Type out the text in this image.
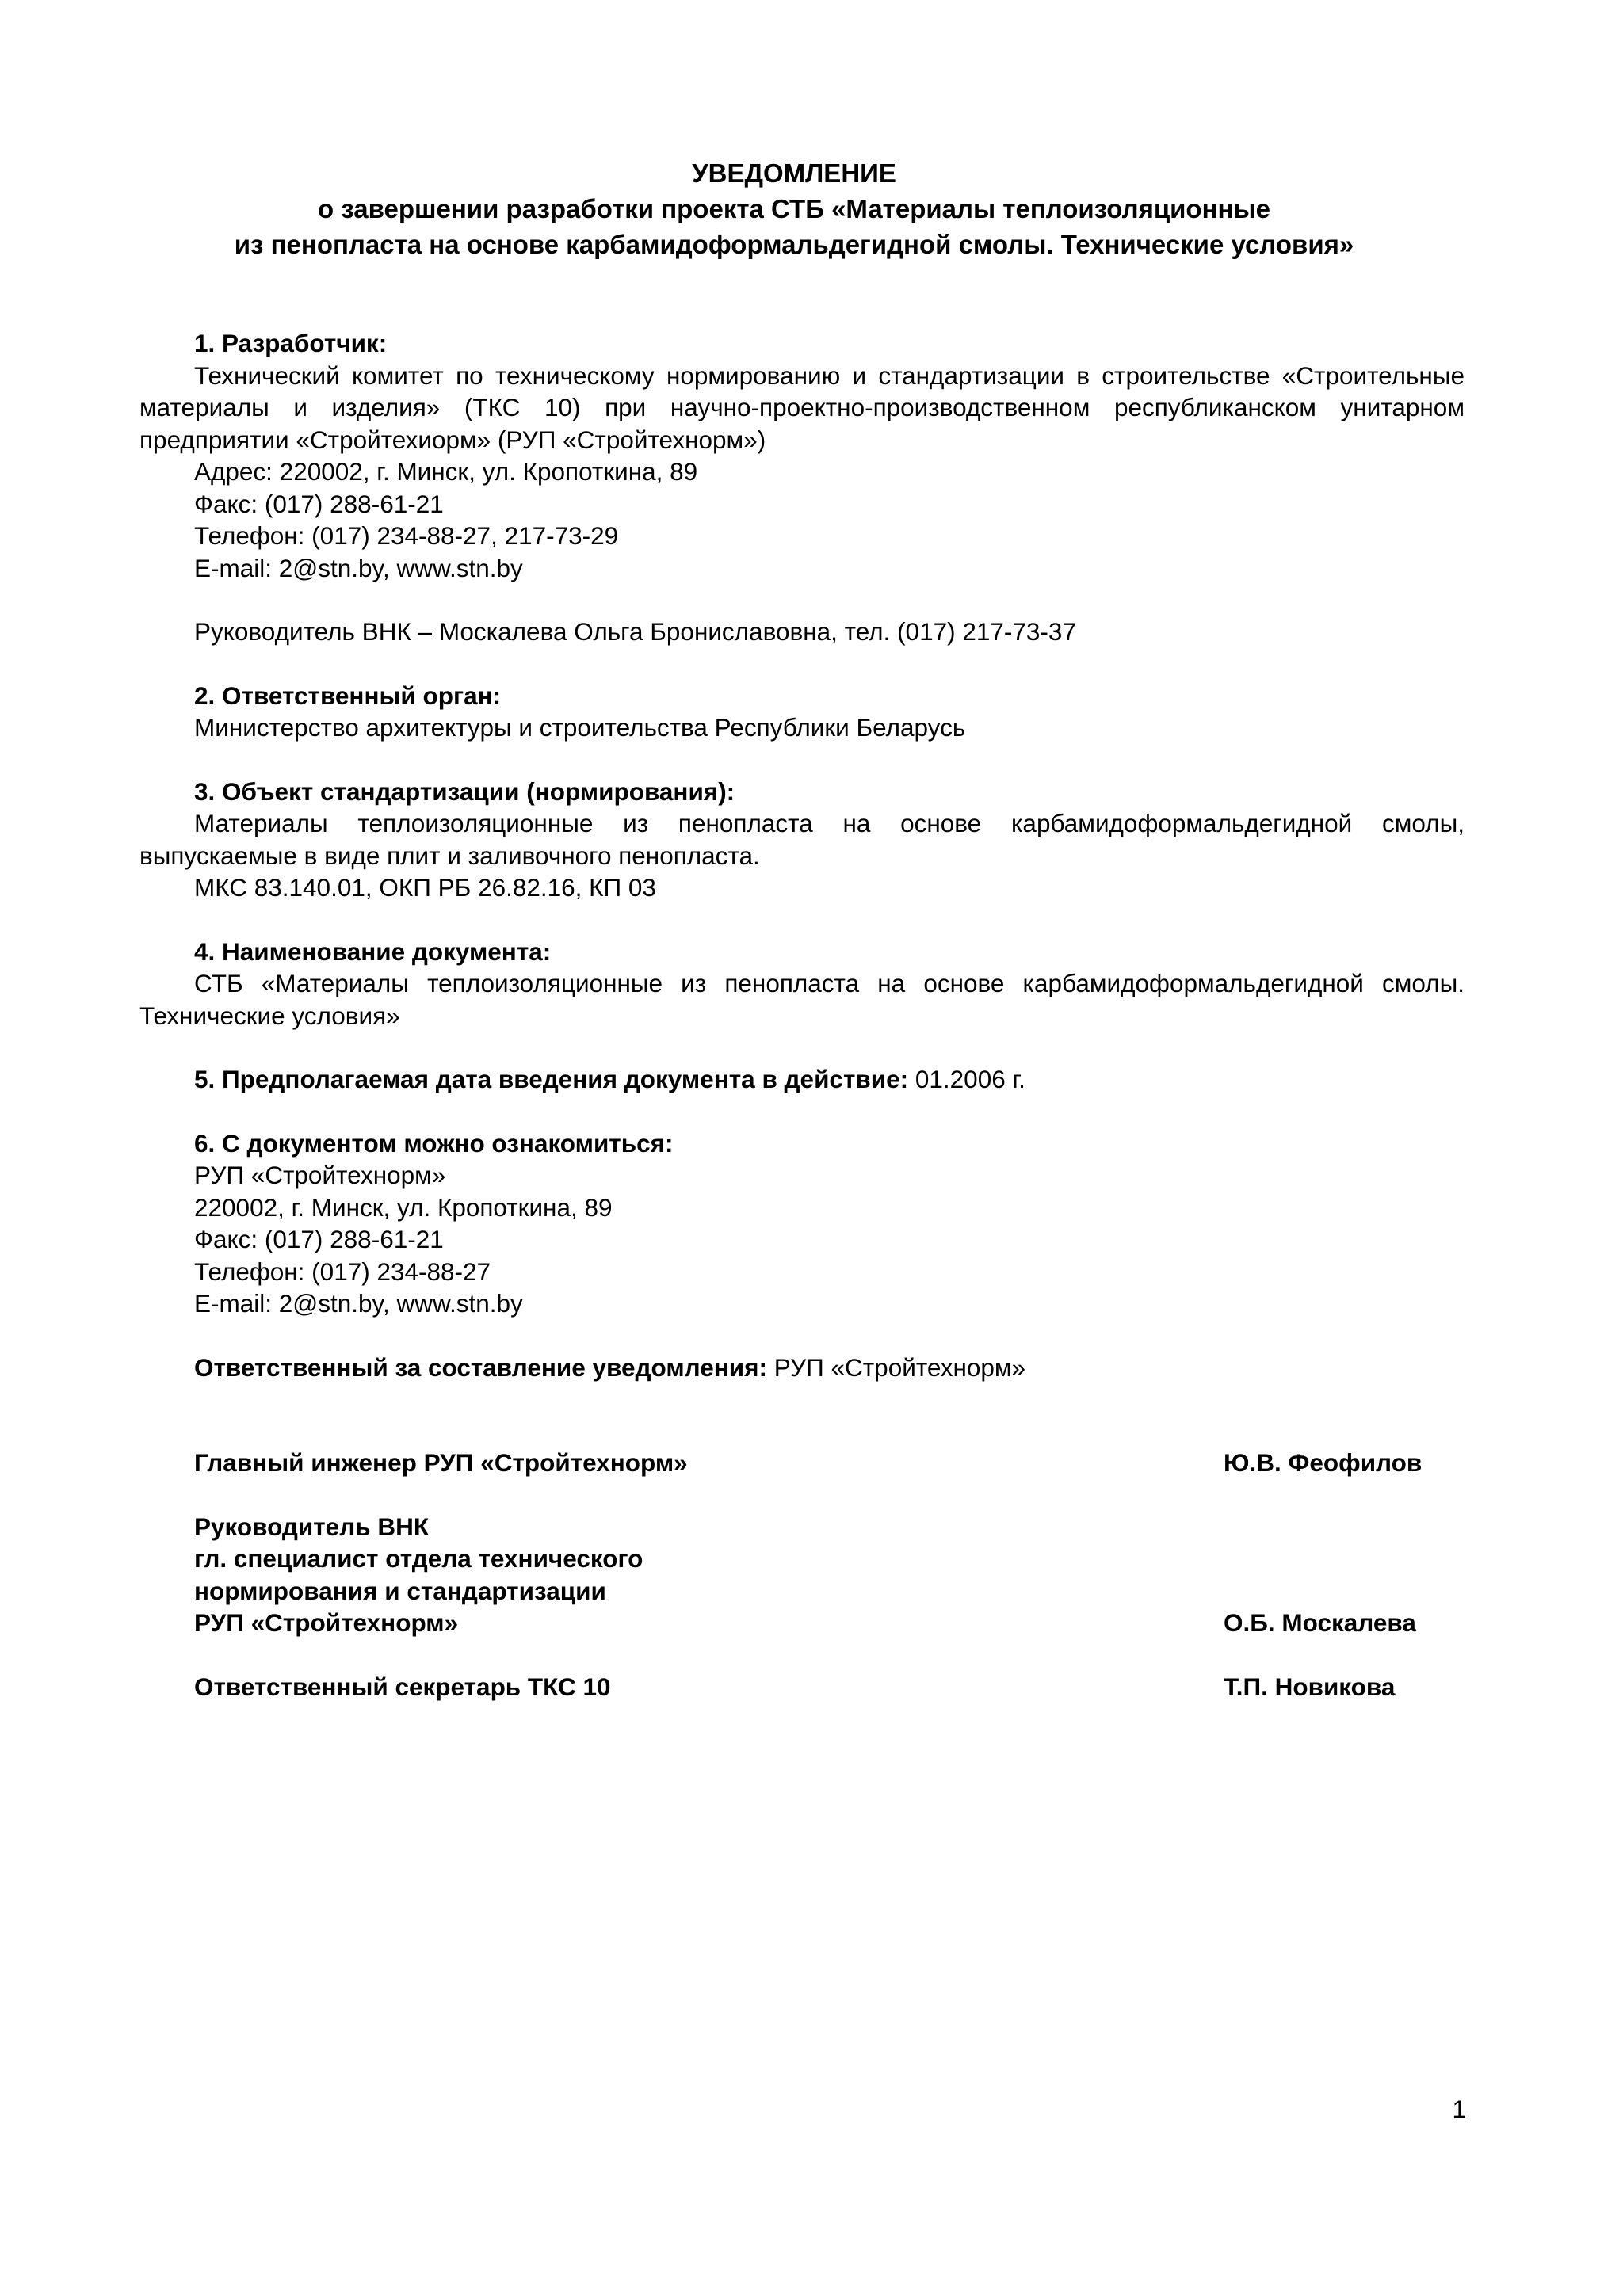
УВЕДОМЛЕНИЕ
о завершении разработки проекта СТБ «Материалы теплоизоляционные
из пенопласта на основе карбамидоформальдегидной смолы. Технические условия»
1. Разработчик:

Технический комитет по техническому нормированию и стандартизации в строительстве «Строительные материалы и изделия» (ТКС 10) при научно-проектно-производственном республиканском унитарном предприятии «Стройтехиорм» (РУП «Стройтехнорм»)

Адрес: 220002, г. Минск, ул. Кропоткина, 89
Факс: (017) 288-61-21
Телефон: (017) 234-88-27, 217-73-29
E-mail: 2@stn.by, www.stn.by
Руководитель ВНК – Москалева Ольга Брониславовна, тел. (017) 217-73-37
2. Ответственный орган:
Министерство архитектуры и строительства Республики Беларусь
3. Объект стандартизации (нормирования):

Материалы теплоизоляционные из пенопласта на основе карбамидоформальдегидной смолы, выпускаемые в виде плит и заливочного пенопласта.

МКС 83.140.01, ОКП РБ 26.82.16, КП 03
4. Наименование документа:

СТБ «Материалы теплоизоляционные из пенопласта на основе карбамидоформальдегидной смолы. Технические условия»

5. Предполагаемая дата введения документа в действие: 01.2006 г.
6. С документом можно ознакомиться:
РУП «Стройтехнорм»
220002, г. Минск, ул. Кропоткина, 89
Факс: (017) 288-61-21
Телефон: (017) 234-88-27
E-mail: 2@stn.by, www.stn.by
Ответственный за составление уведомления: РУП «Стройтехнорм»
Главный инженер РУП «Стройтехнорм»	Ю.В. Феофилов
Руководитель ВНК
гл. специалист отдела технического
нормирования и стандартизации
РУП «Стройтехнорм»	О.Б. Москалева
Ответственный секретарь ТКС 10	Т.П. Новикова
1
